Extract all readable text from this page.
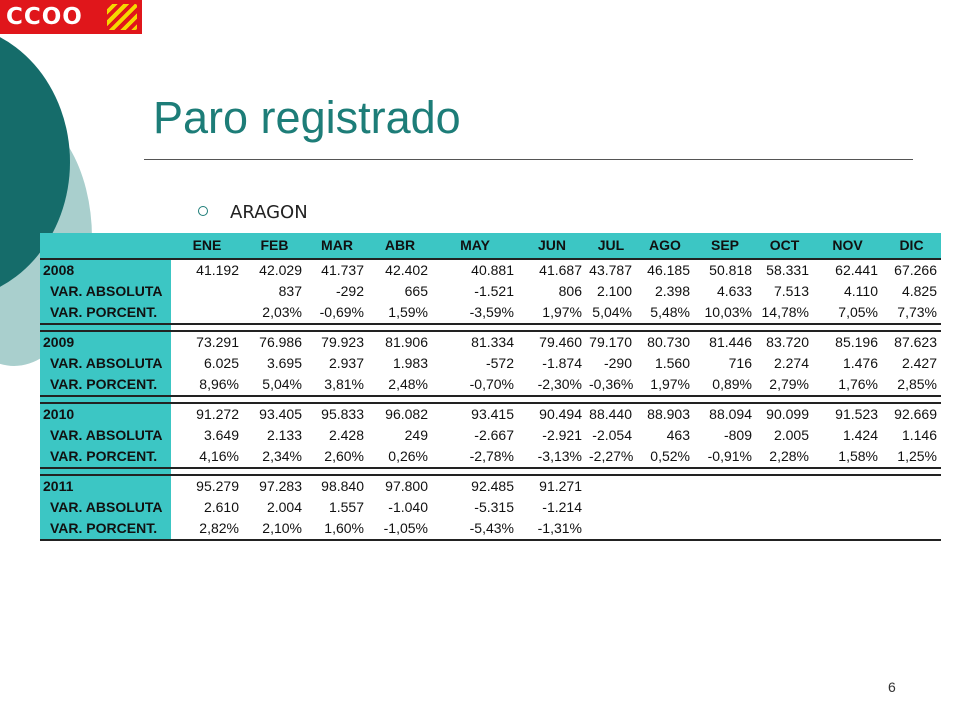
CCOO
Paro registrado
ARAGON
	ENE	FEB	MAR	ABR	MAY	JUN	JUL	AGO	SEP	OCT	NOV	DIC
2008	41.192	42.029	41.737	42.402	40.881	41.687	43.787	46.185	50.818	58.331	62.441	67.266
VAR. ABSOLUTA		837	-292	665	-1.521	806	2.100	2.398	4.633	7.513	4.110	4.825
VAR. PORCENT.		2,03%	-0,69%	1,59%	-3,59%	1,97%	5,04%	5,48%	10,03%	14,78%	7,05%	7,73%

2009	73.291	76.986	79.923	81.906	81.334	79.460	79.170	80.730	81.446	83.720	85.196	87.623
VAR. ABSOLUTA	6.025	3.695	2.937	1.983	-572	-1.874	-290	1.560	716	2.274	1.476	2.427
VAR. PORCENT.	8,96%	5,04%	3,81%	2,48%	-0,70%	-2,30%	-0,36%	1,97%	0,89%	2,79%	1,76%	2,85%

2010	91.272	93.405	95.833	96.082	93.415	90.494	88.440	88.903	88.094	90.099	91.523	92.669
VAR. ABSOLUTA	3.649	2.133	2.428	249	-2.667	-2.921	-2.054	463	-809	2.005	1.424	1.146
VAR. PORCENT.	4,16%	2,34%	2,60%	0,26%	-2,78%	-3,13%	-2,27%	0,52%	-0,91%	2,28%	1,58%	1,25%

2011	95.279	97.283	98.840	97.800	92.485	91.271						
VAR. ABSOLUTA	2.610	2.004	1.557	-1.040	-5.315	-1.214						
VAR. PORCENT.	2,82%	2,10%	1,60%	-1,05%	-5,43%	-1,31%						
6
